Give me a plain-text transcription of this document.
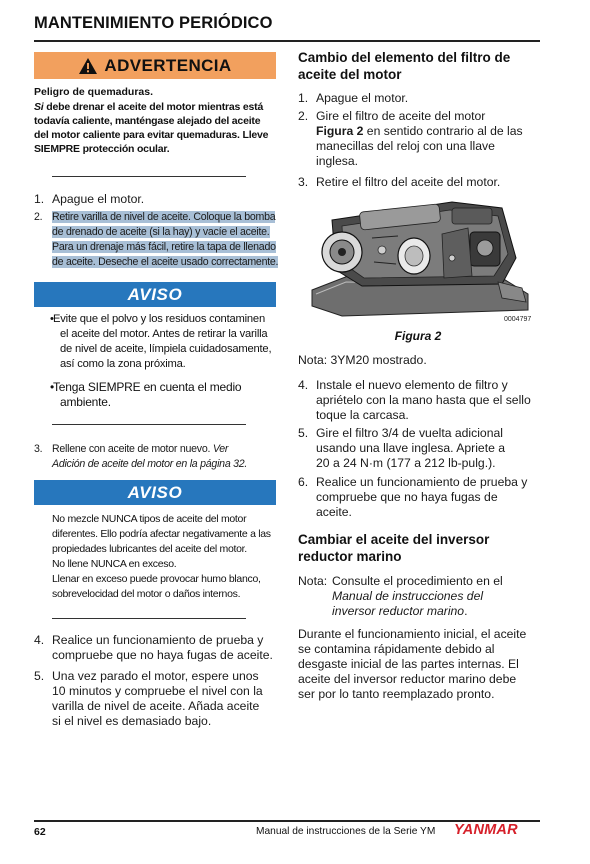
MANTENIMIENTO PERIÓDICO
ADVERTENCIA
Peligro de quemaduras.
Si debe drenar el aceite del motor mientras está todavía caliente, manténgase alejado del aceite del motor caliente para evitar quemaduras. Lleve SIEMPRE protección ocular.
1. Apague el motor.
2. Retire varilla de nivel de aceite. Coloque la bomba
de drenado de aceite (si la hay) y vacíe el aceite.
Para un drenaje más fácil, retire la tapa de llenado
de aceite. Deseche el aceite usado correctamente.
AVISO
• Evite que el polvo y los residuos contaminen
el aceite del motor. Antes de retirar la varilla
de nivel de aceite, límpiela cuidadosamente,
así como la zona próxima.
•
Tenga SIEMPRE en cuenta el medio
ambiente.
3. Rellene con aceite de motor nuevo. Ver
Adición de aceite del motor en la página 32.
AVISO
No mezcle NUNCA tipos de aceite del motor
diferentes. Ello podría afectar negativamente a las
propiedades lubricantes del aceite del motor.
No llene NUNCA en exceso.
Llenar en exceso puede provocar humo blanco,
sobrevelocidad del motor o daños internos.
4. Realice un funcionamiento de prueba y
compruebe que no haya fugas de aceite.
5. Una vez parado el motor, espere unos
10 minutos y compruebe el nivel con la
varilla de nivel de aceite. Añada aceite
si el nivel es demasiado bajo.
Cambio del elemento del filtro de
aceite del motor
1. Apague el motor.
2. Gire el filtro de aceite del motor
Figura 2 en sentido contrario al de las
manecillas del reloj con una llave
inglesa.
3. Retire el filtro del aceite del motor.
0004797
Figura 2
Nota: 3YM20 mostrado.
4. Instale el nuevo elemento de filtro y
apriételo con la mano hasta que el sello
toque la carcasa.
5. Gire el filtro 3/4 de vuelta adicional
usando una llave inglesa. Apriete a
20 a 24 N·m (177 a 212 lb-pulg.).
6. Realice un funcionamiento de prueba y
compruebe que no haya fugas de
aceite.
Cambiar el aceite del inversor
reductor marino
Nota: Consulte el procedimiento en el
Manual de instrucciones del
inversor reductor marino.
Durante el funcionamiento inicial, el aceite
se contamina rápidamente debido al
desgaste inicial de las partes internas. El
aceite del inversor reductor marino debe
ser por lo tanto reemplazado pronto.
62	Manual de instrucciones de la Serie YM YANMAR
